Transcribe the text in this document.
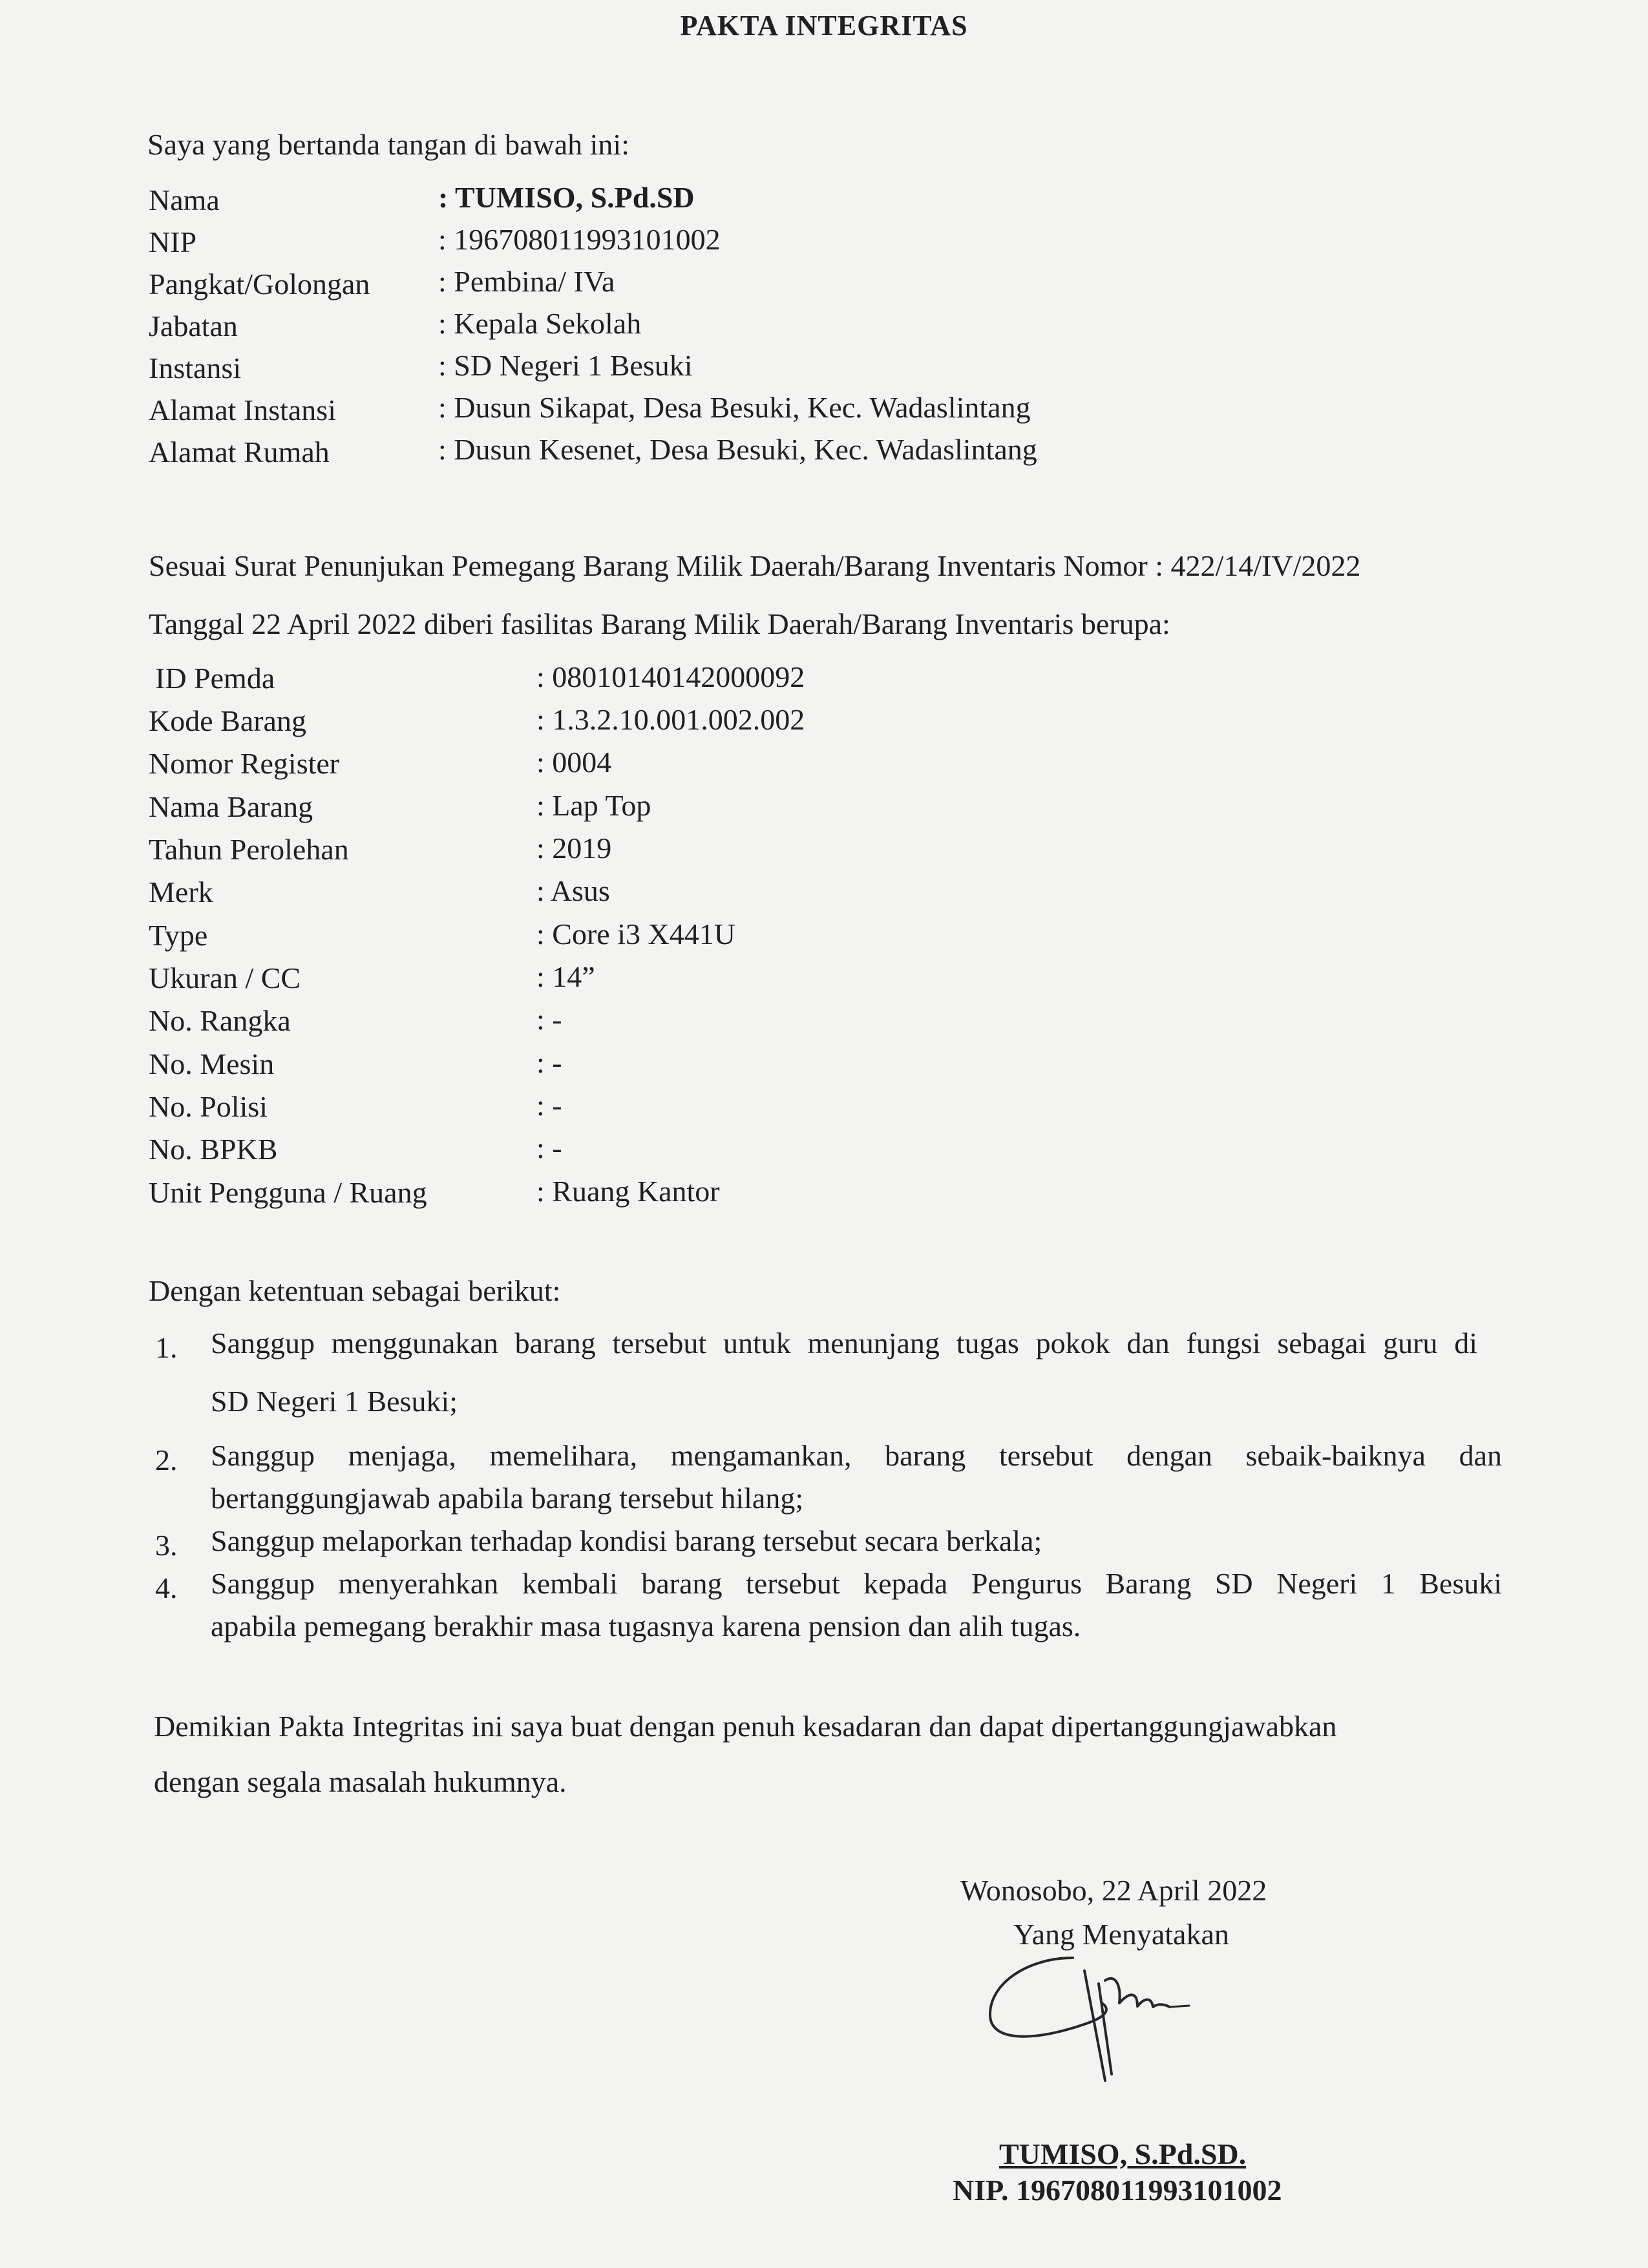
PAKTA INTEGRITAS
Saya yang bertanda tangan di bawah ini:
Nama	: TUMISO, S.Pd.SD
NIP	: 196708011993101002
Pangkat/Golongan : Pembina/ IVa
Jabatan	: Kepala Sekolah
Instansi	: SD Negeri 1 Besuki
Alamat Instansi	: Dusun Sikapat, Desa Besuki, Kec. Wadaslintang
Alamat Rumah	: Dusun Kesenet, Desa Besuki, Kec. Wadaslintang
Sesuai Surat Penunjukan Pemegang Barang Milik Daerah/Barang Inventaris Nomor : 422/14/IV/2022
Tanggal 22 April 2022 diberi fasilitas Barang Milik Daerah/Barang Inventaris berupa:
ID Pemda	: 08010140142000092
Kode Barang	: 1.3.2.10.001.002.002
Nomor Register	: 0004
Nama Barang	: Lap Top
Tahun Perolehan	: 2019
Merk	: Asus
Type	: Core i3 X441U
Ukuran / CC	: 14”
No. Rangka	: -
No. Mesin	: -
No. Polisi	: -
No. BPKB	: -
Unit Pengguna / Ruang	: Ruang Kantor
Dengan ketentuan sebagai berikut:
1. Sanggup menggunakan barang tersebut untuk menunjang tugas pokok dan fungsi sebagai guru di
SD Negeri 1 Besuki;
2. Sanggup menjaga, memelihara, mengamankan, barang tersebut dengan sebaik-baiknya dan
bertanggungjawab apabila barang tersebut hilang;
3. Sanggup melaporkan terhadap kondisi barang tersebut secara berkala;
4. Sanggup menyerahkan kembali barang tersebut kepada Pengurus Barang SD Negeri 1 Besuki
apabila pemegang berakhir masa tugasnya karena pension dan alih tugas.
Demikian Pakta Integritas ini saya buat dengan penuh kesadaran dan dapat dipertanggungjawabkan
dengan segala masalah hukumnya.
Wonosobo, 22 April 2022
Yang Menyatakan
TUMISO, S.Pd.SD.
NIP. 196708011993101002
